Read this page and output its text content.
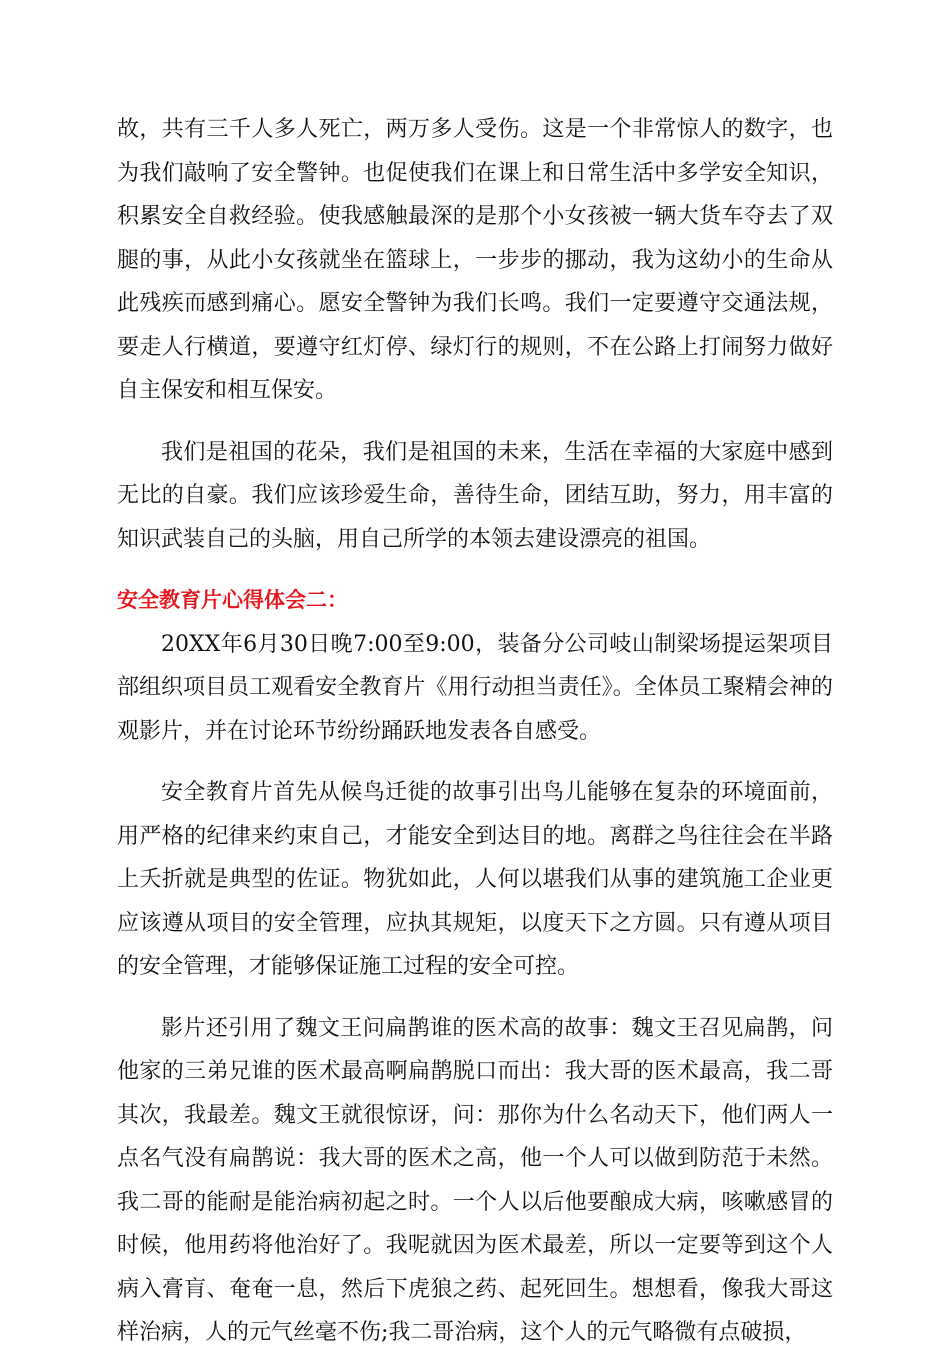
故，共有三千人多人死亡，两万多人受伤。这是一个非常惊人的数字，也为我们敲响了安全警钟。也促使我们在课上和日常生活中多学安全知识，积累安全自救经验。使我感触最深的是那个小女孩被一辆大货车夺去了双腿的事，从此小女孩就坐在篮球上，一步步的挪动，我为这幼小的生命从此残疾而感到痛心。愿安全警钟为我们长鸣。我们一定要遵守交通法规，要走人行横道，要遵守红灯停、绿灯行的规则，不在公路上打闹努力做好自主保安和相互保安。

我们是祖国的花朵，我们是祖国的未来，生活在幸福的大家庭中感到无比的自豪。我们应该珍爱生命，善待生命，团结互助，努力，用丰富的知识武装自己的头脑，用自己所学的本领去建设漂亮的祖国。

安全教育片心得体会二：

20XX年6月30日晚7:00至9:00，装备分公司岐山制梁场提运架项目部组织项目员工观看安全教育片《用行动担当责任》。全体员工聚精会神的观影片，并在讨论环节纷纷踊跃地发表各自感受。

安全教育片首先从候鸟迁徙的故事引出鸟儿能够在复杂的环境面前，用严格的纪律来约束自己，才能安全到达目的地。离群之鸟往往会在半路上夭折就是典型的佐证。物犹如此，人何以堪我们从事的建筑施工企业更应该遵从项目的安全管理，应执其规矩，以度天下之方圆。只有遵从项目的安全管理，才能够保证施工过程的安全可控。

影片还引用了魏文王问扁鹊谁的医术高的故事：魏文王召见扁鹊，问他家的三弟兄谁的医术最高啊扁鹊脱口而出：我大哥的医术最高，我二哥其次，我最差。魏文王就很惊讶，问：那你为什么名动天下，他们两人一点名气没有扁鹊说：我大哥的医术之高，他一个人可以做到防范于未然。我二哥的能耐是能治病初起之时。一个人以后他要酿成大病，咳嗽感冒的时候，他用药将他治好了。我呢就因为医术最差，所以一定要等到这个人病入膏肓、奄奄一息，然后下虎狼之药、起死回生。想想看，像我大哥这样治病，人的元气丝毫不伤;我二哥治病，这个人的元气略微有点破损，
